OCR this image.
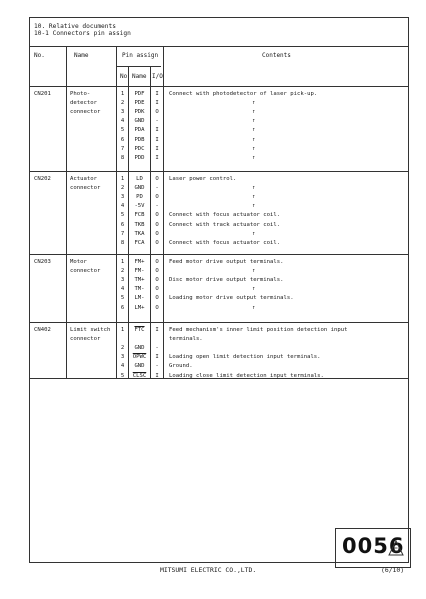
10. Relative documents
10-1 Connectors pin assign
No.	Name	Pin assign
No Name I/O
Contents
CN201	Photo-
detector
connector
1	PDF	I	Connect with photodetector of laser pick-up.
2	PDE	I	↑
3	PDK	O	↑
4	GND	-	↑
5	PDA	I	↑
6	PDB	I	↑
7	PDC	I	↑
8	PDD	I	↑
CN202	Actuator
connector
1	LD	O	Laser power control.
2	GND	-	↑
3	PD	O	↑
4	-5V	-	↑
5	FCB	O	Connect with focus actuator coil.
6	TKB	O	Connect with track actuator coil.
7	TKA	O	↑
8	FCA	O	Connect with focus actuator coil.
CN203	Motor
connector
1	FM+	O	Feed motor drive output terminals.
2	FM-	O	↑
3	TM+	O	Disc motor drive output terminals.
4	TM-	O	↑
5	LM-	O	Loading motor drive output terminals.
6	LM+	O	↑
CN402	Limit switch
connector
1	$\overline{FTC}$	I	Feed mechanism's inner limit position detection input
terminals.
2	GND	-
3	OPWC	I	Loading open limit detection input terminals.
4	GND	-	Ground.
5	CLSC	I	Loading close limit detection input terminals.
0056
MITSUMI ELECTRIC CO.,LTD.	(6/10)
